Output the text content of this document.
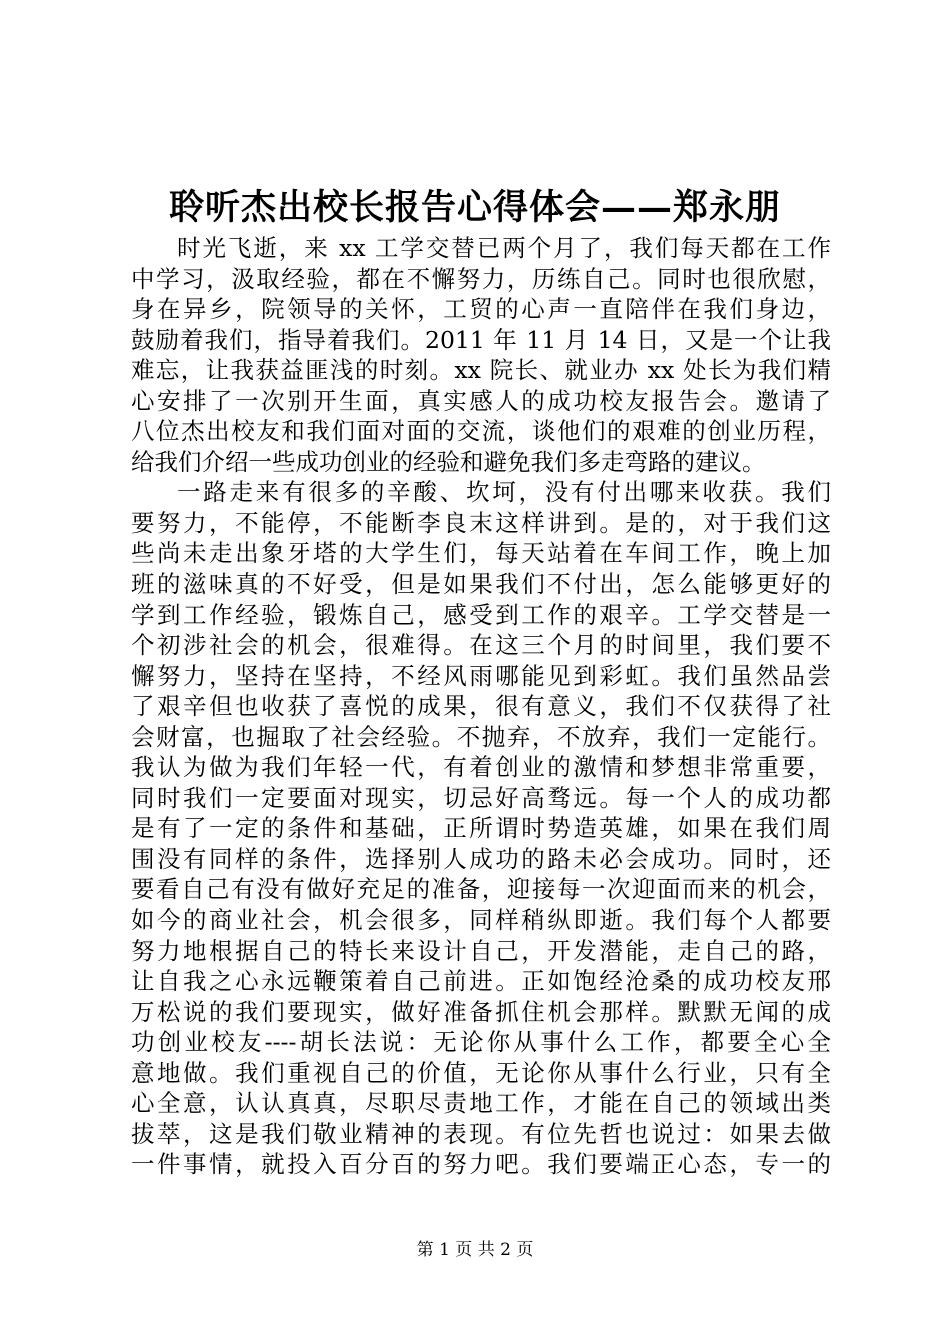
聆听杰出校长报告心得体会——郑永朋
时光飞逝，来 xx 工学交替已两个月了，我们每天都在工作
中学习，汲取经验，都在不懈努力，历练自己。同时也很欣慰，
身在异乡，院领导的关怀，工贸的心声一直陪伴在我们身边，
鼓励着我们，指导着我们。2011 年 11 月 14 日，又是一个让我
难忘，让我获益匪浅的时刻。xx 院长、就业办 xx 处长为我们精
心安排了一次别开生面，真实感人的成功校友报告会。邀请了
八位杰出校友和我们面对面的交流，谈他们的艰难的创业历程，
给我们介绍一些成功创业的经验和避免我们多走弯路的建议。
一路走来有很多的辛酸、坎坷，没有付出哪来收获。我们
要努力，不能停，不能断李良末这样讲到。是的，对于我们这
些尚未走出象牙塔的大学生们，每天站着在车间工作，晚上加
班的滋味真的不好受，但是如果我们不付出，怎么能够更好的
学到工作经验，锻炼自己，感受到工作的艰辛。工学交替是一
个初涉社会的机会，很难得。在这三个月的时间里，我们要不
懈努力，坚持在坚持，不经风雨哪能见到彩虹。我们虽然品尝
了艰辛但也收获了喜悦的成果，很有意义，我们不仅获得了社
会财富，也掘取了社会经验。不抛弃，不放弃，我们一定能行。
我认为做为我们年轻一代，有着创业的激情和梦想非常重要，
同时我们一定要面对现实，切忌好高骛远。每一个人的成功都
是有了一定的条件和基础，正所谓时势造英雄，如果在我们周
围没有同样的条件，选择别人成功的路未必会成功。同时，还
要看自己有没有做好充足的准备，迎接每一次迎面而来的机会，
如今的商业社会，机会很多，同样稍纵即逝。我们每个人都要
努力地根据自己的特长来设计自己，开发潜能，走自己的路，
让自我之心永远鞭策着自己前进。正如饱经沧桑的成功校友邢
万松说的我们要现实，做好准备抓住机会那样。默默无闻的成
功创业校友----胡长法说：无论你从事什么工作，都要全心全
意地做。我们重视自己的价值，无论你从事什么行业，只有全
心全意，认认真真，尽职尽责地工作，才能在自己的领域出类
拔萃，这是我们敬业精神的表现。有位先哲也说过：如果去做
一件事情，就投入百分百的努力吧。我们要端正心态，专一的
第 1 页 共 2 页
